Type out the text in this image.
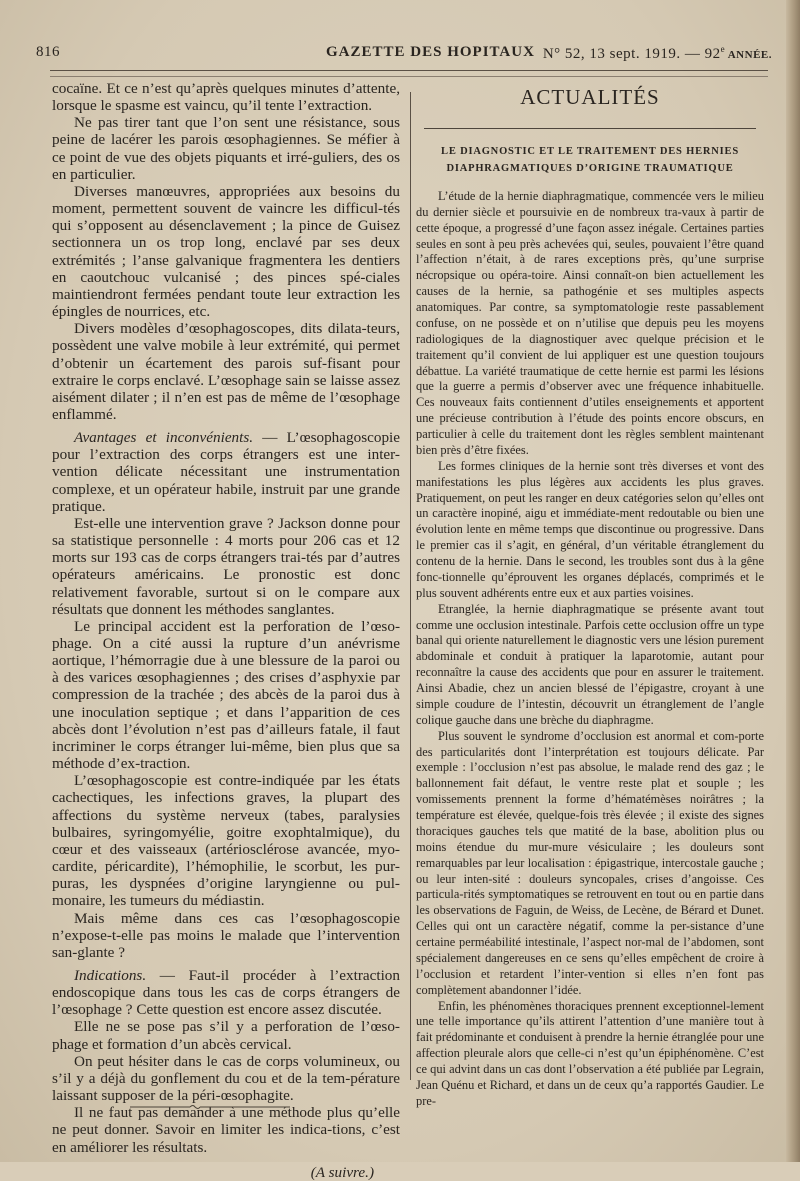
816	GAZETTE DES HOPITAUX N° 52, 13 sept. 1919. — 92e ANNÉE.

cocaïne. Et ce n’est qu’après quelques minutes d’attente, lorsque le spasme est vaincu, qu’il tente l’extraction.

Ne pas tirer tant que l’on sent une résistance, sous peine de lacérer les parois œsophagiennes. Se méfier à ce point de vue des objets piquants et irré-guliers, des os en particulier.

Diverses manœuvres, appropriées aux besoins du moment, permettent souvent de vaincre les difficul-tés qui s’opposent au désenclavement ; la pince de Guisez sectionnera un os trop long, enclavé par ses deux extrémités ; l’anse galvanique fragmentera les dentiers en caoutchouc vulcanisé ; des pinces spé-ciales maintiendront fermées pendant toute leur extraction les épingles de nourrices, etc.

Divers modèles d’œsophagoscopes, dits dilata-teurs, possèdent une valve mobile à leur extrémité, qui permet d’obtenir un écartement des parois suf-fisant pour extraire le corps enclavé. L’œsophage sain se laisse assez aisément dilater ; il n’en est pas de même de l’œsophage enflammé.

Avantages et inconvénients. — L’œsophagoscopie pour l’extraction des corps étrangers est une inter-vention délicate nécessitant une instrumentation complexe, et un opérateur habile, instruit par une grande pratique.

Est-elle une intervention grave ? Jackson donne pour sa statistique personnelle : 4 morts pour 206 cas et 12 morts sur 193 cas de corps étrangers trai-tés par d’autres opérateurs américains. Le pronostic est donc relativement favorable, surtout si on le compare aux résultats que donnent les méthodes sanglantes.

Le principal accident est la perforation de l’œso-phage. On a cité aussi la rupture d’un anévrisme aortique, l’hémorragie due à une blessure de la paroi ou à des varices œsophagiennes ; des crises d’asphyxie par compression de la trachée ; des abcès de la paroi dus à une inoculation septique ; et dans l’apparition de ces abcès dont l’évolution n’est pas d’ailleurs fatale, il faut incriminer le corps étranger lui-même, bien plus que sa méthode d’ex-traction.

L’œsophagoscopie est contre-indiquée par les états cachectiques, les infections graves, la plupart des affections du système nerveux (tabes, paralysies bulbaires, syringomyélie, goitre exophtalmique), du cœur et des vaisseaux (artériosclérose avancée, myo-cardite, péricardite), l’hémophilie, le scorbut, les pur-puras, les dyspnées d’origine laryngienne ou pul-monaire, les tumeurs du médiastin.

Mais même dans ces cas l’œsophagoscopie n’expose-t-elle pas moins le malade que l’intervention san-glante ?

Indications. — Faut-il procéder à l’extraction endoscopique dans tous les cas de corps étrangers de l’œsophage ? Cette question est encore assez discutée.

Elle ne se pose pas s’il y a perforation de l’œso-phage et formation d’un abcès cervical.

On peut hésiter dans le cas de corps volumineux, ou s’il y a déjà du gonflement du cou et de la tem-pérature laissant supposer de la péri-œsophagite.

Il ne faut pas demander à une méthode plus qu’elle ne peut donner. Savoir en limiter les indica-tions, c’est en améliorer les résultats.

(A suivre.)

ACTUALITÉS

LE DIAGNOSTIC ET LE TRAITEMENT DES HERNIES
DIAPHRAGMATIQUES D’ORIGINE TRAUMATIQUE

L’étude de la hernie diaphragmatique, commencée vers le milieu du dernier siècle et poursuivie en de nombreux tra-vaux à partir de cette époque, a progressé d’une façon assez inégale. Certaines parties seules en sont à peu près achevées qui, seules, pouvaient l’être quand l’affection n’était, à de rares exceptions près, qu’une surprise nécropsique ou opéra-toire. Ainsi connaît-on bien actuellement les causes de la hernie, sa pathogénie et ses multiples aspects anatomiques. Par contre, sa symptomatologie reste passablement confuse, on ne possède et on n’utilise que depuis peu les moyens radiologiques de la diagnostiquer avec quelque précision et le traitement qu’il convient de lui appliquer est une question toujours débattue. La variété traumatique de cette hernie est parmi les lésions que la guerre a permis d’observer avec une fréquence inhabituelle. Ces nouveaux faits contiennent d’utiles enseignements et apportent une précieuse contribution à l’étude des points encore obscurs, en particulier à celle du traitement dont les règles semblent maintenant bien près d’être fixées.

Les formes cliniques de la hernie sont très diverses et vont des manifestations les plus légères aux accidents les plus graves. Pratiquement, on peut les ranger en deux catégories selon qu’elles ont un caractère inopiné, aigu et immédiate-ment redoutable ou bien une évolution lente en même temps que discontinue ou progressive. Dans le premier cas il s’agit, en général, d’un véritable étranglement du contenu de la hernie. Dans le second, les troubles sont dus à la gêne fonc-tionnelle qu’éprouvent les organes déplacés, comprimés et le plus souvent adhérents entre eux et aux parties voisines.

Etranglée, la hernie diaphragmatique se présente avant tout comme une occlusion intestinale. Parfois cette occlusion offre un type banal qui oriente naturellement le diagnostic vers une lésion purement abdominale et conduit à pratiquer la laparotomie, autant pour reconnaître la cause des accidents que pour en assurer le traitement. Ainsi Abadie, chez un ancien blessé de l’épigastre, croyant à une simple coudure de l’intestin, découvrit un étranglement de l’angle colique gauche dans une brèche du diaphragme.

Plus souvent le syndrome d’occlusion est anormal et com-porte des particularités dont l’interprétation est toujours délicate. Par exemple : l’occlusion n’est pas absolue, le malade rend des gaz ; le ballonnement fait défaut, le ventre reste plat et souple ; les vomissements prennent la forme d’hématémèses noirâtres ; la température est élevée, quelque-fois très élevée ; il existe des signes thoraciques gauches tels que matité de la base, abolition plus ou moins étendue du mur-mure vésiculaire ; les douleurs sont remarquables par leur localisation : épigastrique, intercostale gauche ; ou leur inten-sité : douleurs syncopales, crises d’angoisse. Ces particula-rités symptomatiques se retrouvent en tout ou en partie dans les observations de Faguin, de Weiss, de Lecène, de Bérard et Dunet. Celles qui ont un caractère négatif, comme la per-sistance d’une certaine perméabilité intestinale, l’aspect nor-mal de l’abdomen, sont spécialement dangereuses en ce sens qu’elles empêchent de croire à l’occlusion et retardent l’inter-vention si elles n’en font pas complètement abandonner l’idée.

Enfin, les phénomènes thoraciques prennent exceptionnel-lement une telle importance qu’ils attirent l’attention d’une manière tout à fait prédominante et conduisent à prendre la hernie étranglée pour une affection pleurale alors que celle-ci n’est qu’un épiphénomène. C’est ce qui advint dans un cas dont l’observation a été publiée par Legrain, Jean Quénu et Richard, et dans un de ceux qu’a rapportés Gaudier. Le pre-
